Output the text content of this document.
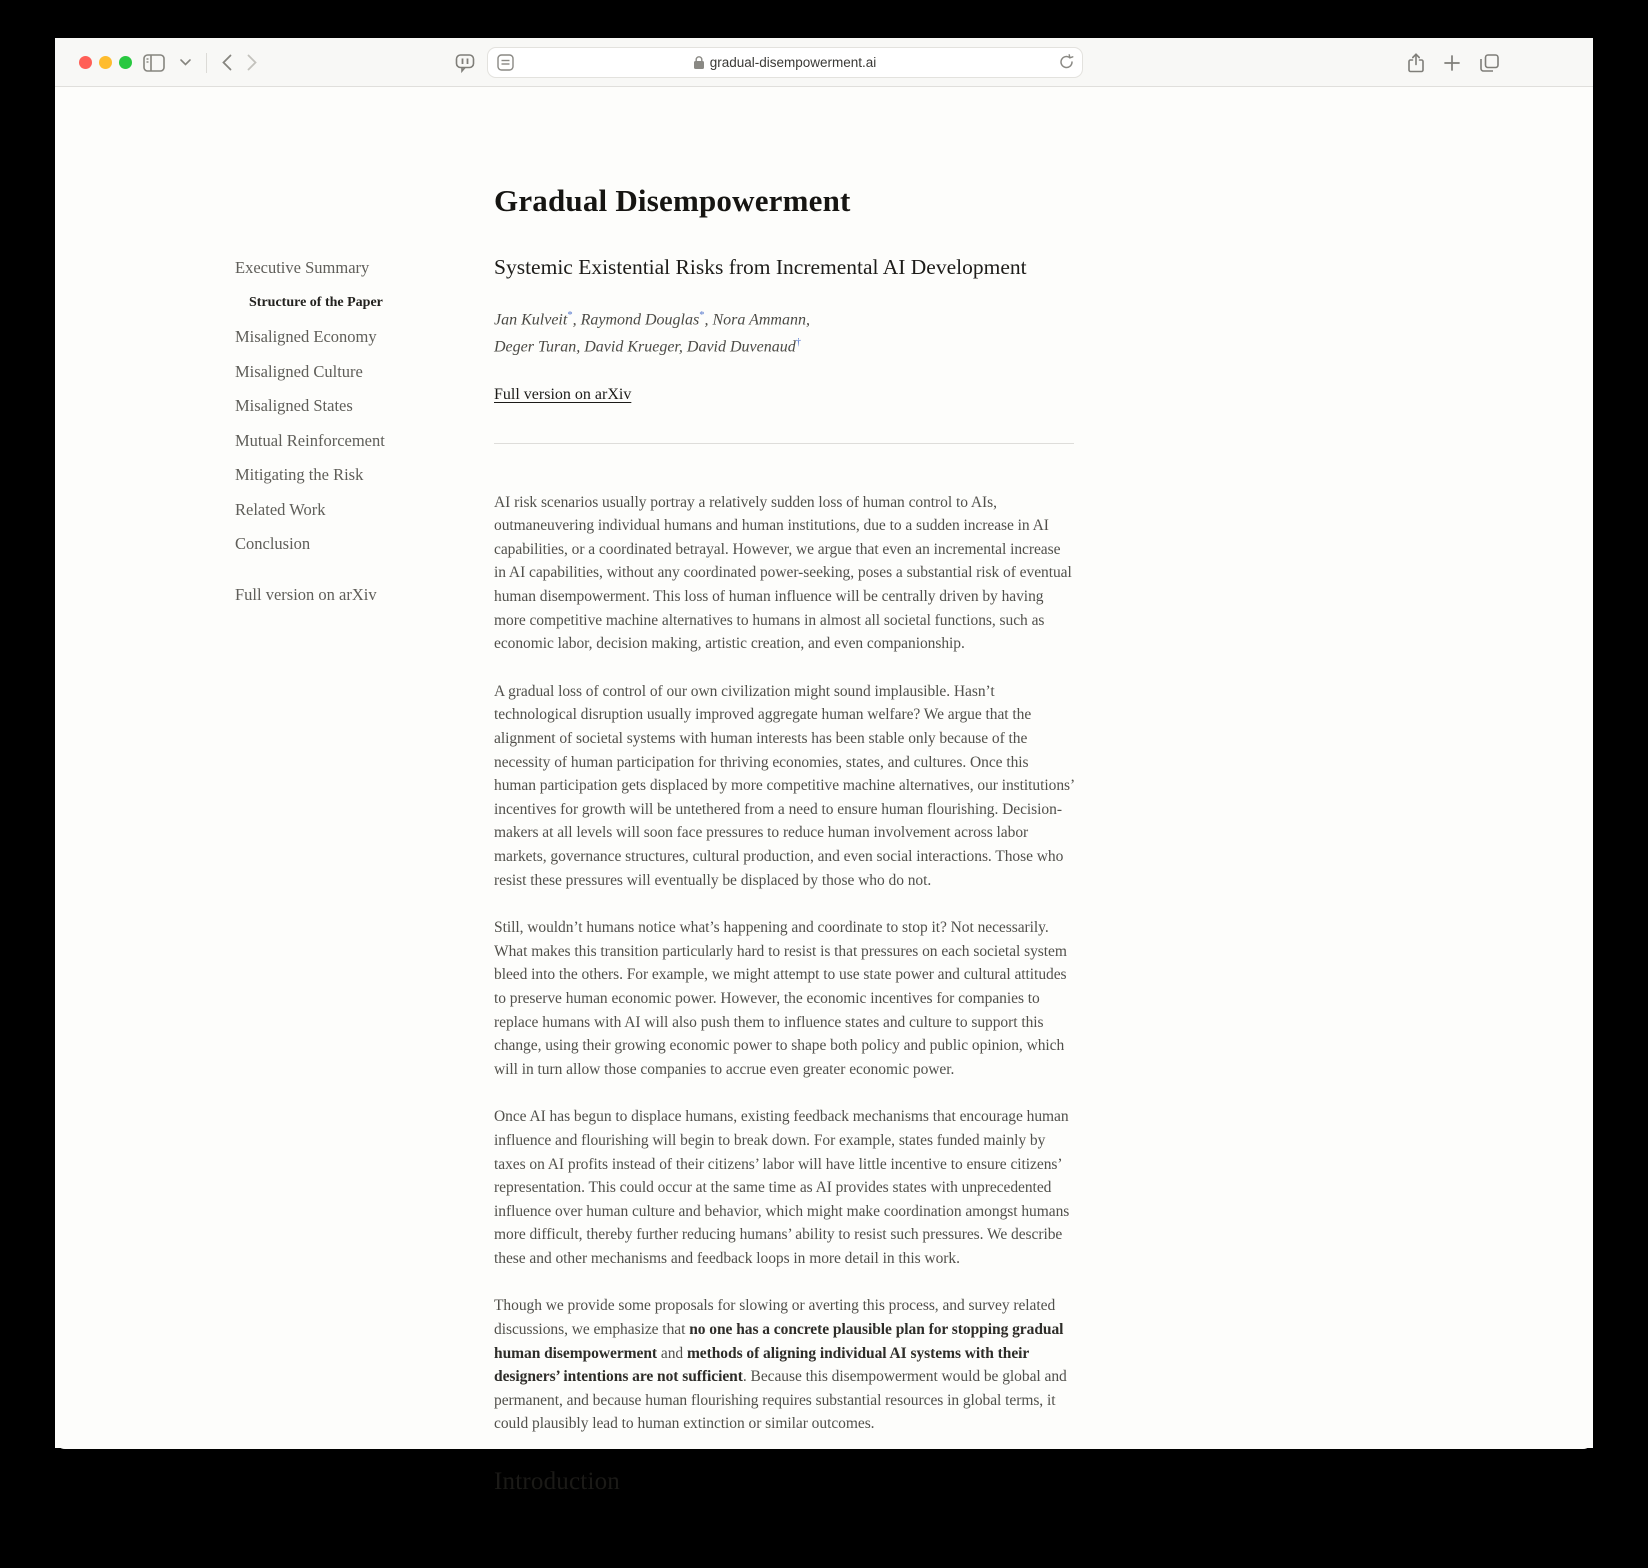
gradual-disempowerment.ai
Executive Summary
Structure of the Paper
Misaligned Economy
Misaligned Culture
Misaligned States
Mutual Reinforcement
Mitigating the Risk
Related Work
Conclusion
Full version on arXiv
Gradual Disempowerment
Systemic Existential Risks from Incremental AI Development
Jan Kulveit*, Raymond Douglas*, Nora Ammann,
Deger Turan, David Krueger, David Duvenaud†
Full version on arXiv

AI risk scenarios usually portray a relatively sudden loss of human control to AIs, outmaneuvering individual humans and human institutions, due to a sudden increase in AI capabilities, or a coordinated betrayal. However, we argue that even an incremental increase in AI capabilities, without any coordinated power-seeking, poses a substantial risk of eventual human disempowerment. This loss of human influence will be centrally driven by having more competitive machine alternatives to humans in almost all societal functions, such as economic labor, decision making, artistic creation, and even companionship.

A gradual loss of control of our own civilization might sound implausible. Hasn’t technological disruption usually improved aggregate human welfare? We argue that the alignment of societal systems with human interests has been stable only because of the necessity of human participation for thriving economies, states, and cultures. Once this human participation gets displaced by more competitive machine alternatives, our institutions’ incentives for growth will be untethered from a need to ensure human flourishing. Decision-makers at all levels will soon face pressures to reduce human involvement across labor markets, governance structures, cultural production, and even social interactions. Those who resist these pressures will eventually be displaced by those who do not.

Still, wouldn’t humans notice what’s happening and coordinate to stop it? Not necessarily. What makes this transition particularly hard to resist is that pressures on each societal system bleed into the others. For example, we might attempt to use state power and cultural attitudes to preserve human economic power. However, the economic incentives for companies to replace humans with AI will also push them to influence states and culture to support this change, using their growing economic power to shape both policy and public opinion, which will in turn allow those companies to accrue even greater economic power.

Once AI has begun to displace humans, existing feedback mechanisms that encourage human influence and flourishing will begin to break down. For example, states funded mainly by taxes on AI profits instead of their citizens’ labor will have little incentive to ensure citizens’ representation. This could occur at the same time as AI provides states with unprecedented influence over human culture and behavior, which might make coordination amongst humans more difficult, thereby further reducing humans’ ability to resist such pressures. We describe these and other mechanisms and feedback loops in more detail in this work.

Though we provide some proposals for slowing or averting this process, and survey related discussions, we emphasize that no one has a concrete plausible plan for stopping gradual human disempowerment and methods of aligning individual AI systems with their designers’ intentions are not sufficient. Because this disempowerment would be global and permanent, and because human flourishing requires substantial resources in global terms, it could plausibly lead to human extinction or similar outcomes.

Introduction
